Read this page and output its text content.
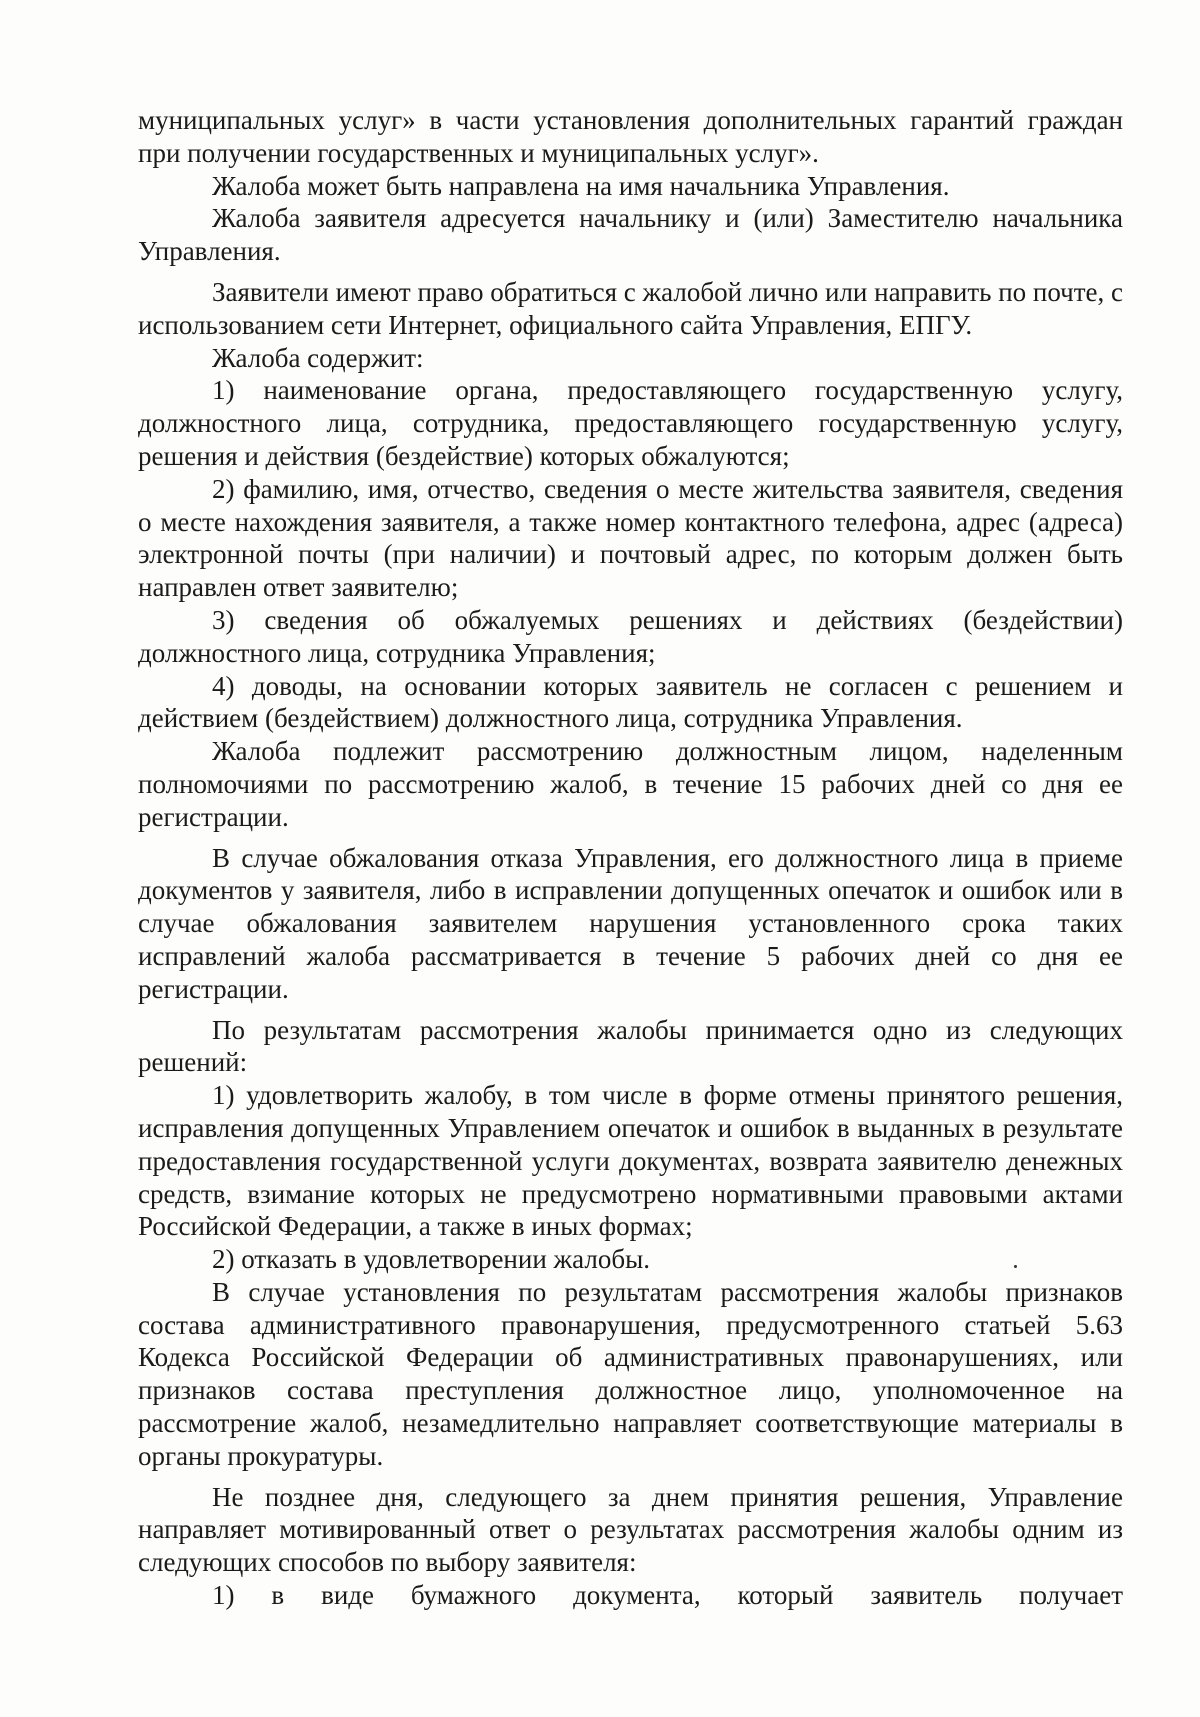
муниципальных услуг» в части установления дополнительных гарантий граждан при получении государственных и муниципальных услуг».

Жалоба может быть направлена на имя начальника Управления.

Жалоба заявителя адресуется начальнику и (или) Заместителю начальника Управления.

Заявители имеют право обратиться с жалобой лично или направить по почте, с использованием сети Интернет, официального сайта Управления, ЕПГУ.

Жалоба содержит:

1) наименование органа, предоставляющего государственную услугу, должностного лица, сотрудника, предоставляющего государственную услугу, решения и действия (бездействие) которых обжалуются;

2) фамилию, имя, отчество, сведения о месте жительства заявителя, сведения о месте нахождения заявителя, а также номер контактного телефона, адрес (адреса) электронной почты (при наличии) и почтовый адрес, по которым должен быть направлен ответ заявителю;

3) сведения об обжалуемых решениях и действиях (бездействии) должностного лица, сотрудника Управления;

4) доводы, на основании которых заявитель не согласен с решением и действием (бездействием) должностного лица, сотрудника Управления.

Жалоба подлежит рассмотрению должностным лицом, наделенным полномочиями по рассмотрению жалоб, в течение 15 рабочих дней со дня ее регистрации.

В случае обжалования отказа Управления, его должностного лица в приеме документов у заявителя, либо в исправлении допущенных опечаток и ошибок или в случае обжалования заявителем нарушения установленного срока таких исправлений жалоба рассматривается в течение 5 рабочих дней со дня ее регистрации.

По результатам рассмотрения жалобы принимается одно из следующих решений:

1) удовлетворить жалобу, в том числе в форме отмены принятого решения, исправления допущенных Управлением опечаток и ошибок в выданных в результате предоставления государственной услуги документах, возврата заявителю денежных средств, взимание которых не предусмотрено нормативными правовыми актами Российской Федерации, а также в иных формах;

2) отказать в удовлетворении жалобы.

В случае установления по результатам рассмотрения жалобы признаков состава административного правонарушения, предусмотренного статьей 5.63 Кодекса Российской Федерации об административных правонарушениях, или признаков состава преступления должностное лицо, уполномоченное на рассмотрение жалоб, незамедлительно направляет соответствующие материалы в органы прокуратуры.

Не позднее дня, следующего за днем принятия решения, Управление направляет мотивированный ответ о результатах рассмотрения жалобы одним из следующих способов по выбору заявителя:

1) в виде бумажного документа, который заявитель получает
